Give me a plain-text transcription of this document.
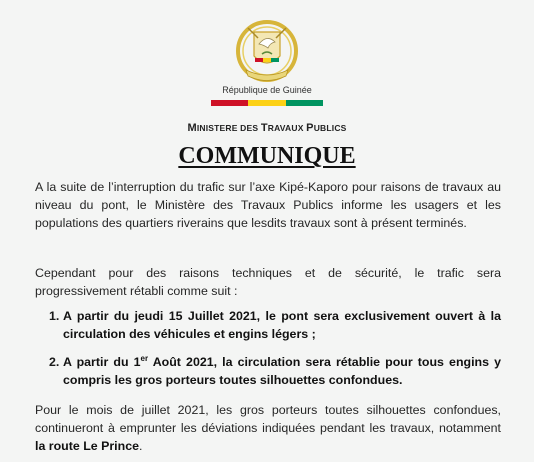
République de Guinée
MINISTERE DES TRAVAUX PUBLICS
COMMUNIQUE
A la suite de l’interruption du trafic sur l’axe Kipé-Kaporo pour raisons de travaux au niveau du pont, le Ministère des Travaux Publics informe les usagers et les populations des quartiers riverains que lesdits travaux sont à présent terminés.
Cependant pour des raisons techniques et de sécurité, le trafic sera progressivement rétabli comme suit :
1. A partir du jeudi 15 Juillet 2021, le pont sera exclusivement ouvert à la circulation des véhicules et engins légers ;
2. A partir du 1er Août 2021, la circulation sera rétablie pour tous engins y compris les gros porteurs toutes silhouettes confondues.
Pour le mois de juillet 2021, les gros porteurs toutes silhouettes confondues, continueront à emprunter les déviations indiquées pendant les travaux, notamment la route Le Prince.
